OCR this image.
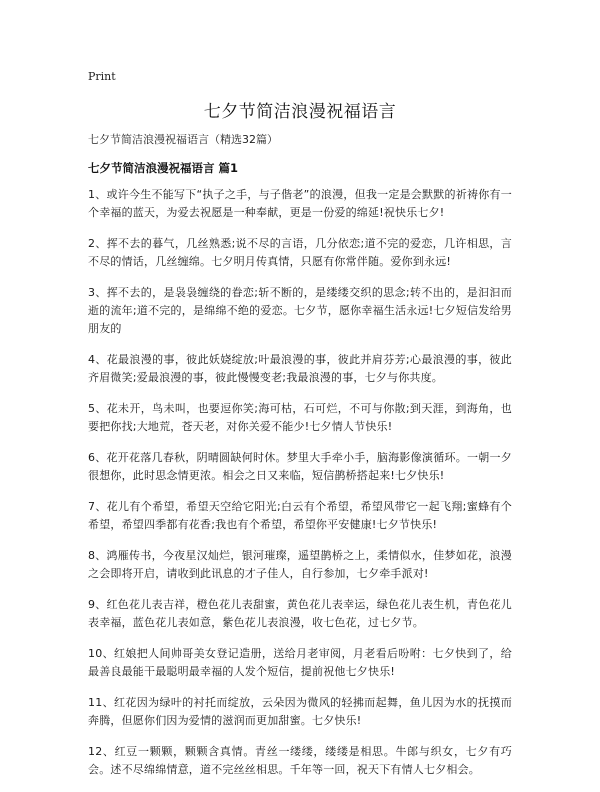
Print
七夕节简洁浪漫祝福语言

七夕节简洁浪漫祝福语言（精选32篇）

七夕节简洁浪漫祝福语言 篇1

1、或许今生不能写下“执子之手，与子偕老”的浪漫，但我一定是会默默的祈祷你有一个幸福的蓝天，为爱去祝愿是一种奉献，更是一份爱的绵延!祝快乐七夕!

2、挥不去的暮气，几丝熟悉;说不尽的言语，几分依恋;道不完的爱恋，几许相思，言不尽的情话，几丝缠绵。七夕明月传真情，只愿有你常伴随。爱你到永远!

3、挥不去的，是袅袅缠绕的眷恋;斩不断的，是缕缕交织的思念;转不出的，是汩汩而逝的流年;道不完的，是绵绵不绝的爱恋。七夕节，愿你幸福生活永远!七夕短信发给男朋友的

4、花最浪漫的事，彼此妖娆绽放;叶最浪漫的事，彼此并肩芬芳;心最浪漫的事，彼此齐眉微笑;爱最浪漫的事，彼此慢慢变老;我最浪漫的事，七夕与你共度。

5、花未开，鸟未叫，也要逗你笑;海可枯，石可烂，不可与你散;到天涯，到海角，也要把你找;大地荒，苍天老，对你关爱不能少!七夕情人节快乐!

6、花开花落几春秋，阴晴圆缺何时休。梦里大手牵小手，脑海影像演循环。一朝一夕很想你，此时思念情更浓。相会之日又来临，短信鹊桥搭起来!七夕快乐!

7、花儿有个希望，希望天空给它阳光;白云有个希望，希望风带它一起飞翔;蜜蜂有个希望，希望四季都有花香;我也有个希望，希望你平安健康!七夕节快乐!

8、鸿雁传书，今夜星汉灿烂，银河璀璨，遥望鹊桥之上，柔情似水，佳梦如花，浪漫之会即将开启，请收到此讯息的才子佳人，自行参加，七夕牵手派对!

9、红色花儿表吉祥，橙色花儿表甜蜜，黄色花儿表幸运，绿色花儿表生机，青色花儿表幸福，蓝色花儿表如意，紫色花儿表浪漫，收七色花，过七夕节。

10、红娘把人间帅哥美女登记造册，送给月老审阅，月老看后吩咐：七夕快到了，给最善良最能干最聪明最幸福的人发个短信，提前祝他七夕快乐!

11、红花因为绿叶的衬托而绽放，云朵因为微风的轻拂而起舞，鱼儿因为水的抚摸而奔腾，但愿你们因为爱情的滋润而更加甜蜜。七夕快乐!

12、红豆一颗颗，颗颗含真情。青丝一缕缕，缕缕是相思。牛郎与织女，七夕有巧会。述不尽绵绵情意，道不完丝丝相思。千年等一回，祝天下有情人七夕相会。
